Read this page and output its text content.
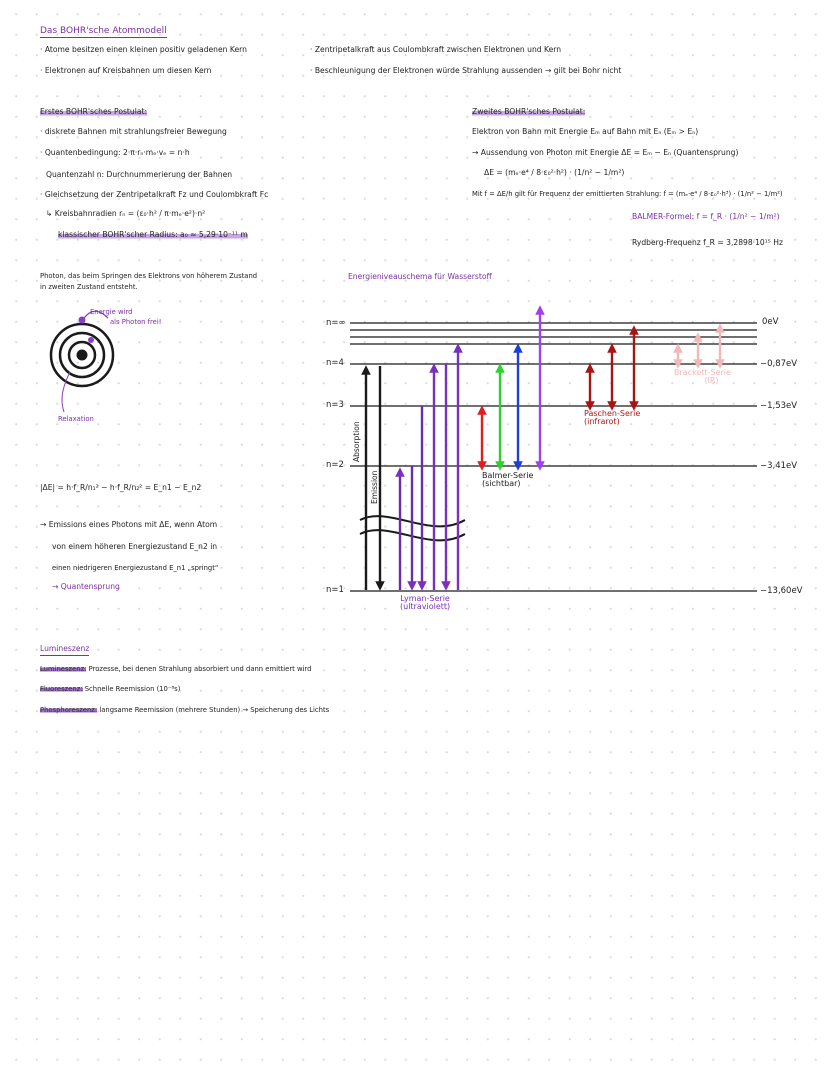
Das BOHR'sche Atommodell
· Atome besitzen einen kleinen positiv geladenen Kern
· Elektronen auf Kreisbahnen um diesen Kern
· Zentripetalkraft aus Coulombkraft zwischen Elektronen und Kern
· Beschleunigung der Elektronen würde Strahlung aussenden → gilt bei Bohr nicht
Erstes BOHR'sches Postulat:
· diskrete Bahnen mit strahlungsfreier Bewegung
· Quantenbedingung: 2·π·rₙ·mₑ·vₑ = n·h
Quantenzahl n: Durchnummerierung der Bahnen
· Gleichsetzung der Zentripetalkraft Fz und Coulombkraft Fc
↳ Kreisbahnradien rₙ = (ε₀·h² / π·mₑ·e²)·n²
klassischer BOHR'scher Radius: a₀ ≈ 5,29·10⁻¹¹ m
Zweites BOHR'sches Postulat:
Elektron von Bahn mit Energie Eₘ auf Bahn mit Eₙ (Eₘ > Eₙ)
→ Aussendung von Photon mit Energie ΔE = Eₘ − Eₙ (Quantensprung)
ΔE = (mₑ·e⁴ / 8·ε₀²·h²) · (1/n² − 1/m²)
Mit f = ΔE/h gilt für Frequenz der emittierten Strahlung: f = (mₑ·e⁴ / 8·ε₀²·h³) · (1/n² − 1/m²)
BALMER-Formel: f = f_R · (1/n² − 1/m²)
Rydberg-Frequenz f_R = 3,2898·10¹⁵ Hz
Photon, das beim Springen des Elektrons von höherem Zustand
in zweiten Zustand entsteht.
Energie wird
als Photon frei!
Relaxation
|ΔE| = h·f_R/n₁² − h·f_R/n₂² = E_n1 − E_n2
→ Emissions eines Photons mit ΔE, wenn Atom
von einem höheren Energiezustand E_n2 in
einen niedrigeren Energiezustand E_n1 „springt“
→ Quantensprung
Energieniveauschema für Wasserstoff
n=∞
n=4
n=3
n=2
n=1
0eV
−0,87eV
−1,53eV
−3,41eV
−13,60eV
Absorption
Emission
Lyman-Serie
(ultraviolett)
Balmer-Serie
(sichtbar)
Paschen-Serie
(infrarot)
Brackett-Serie
(IR)
Lumineszenz
Lumineszenz: Prozesse, bei denen Strahlung absorbiert und dann emittiert wird
Fluoreszenz: Schnelle Reemission (10⁻⁸s)
Phosphoreszenz: langsame Reemission (mehrere Stunden) → Speicherung des Lichts
